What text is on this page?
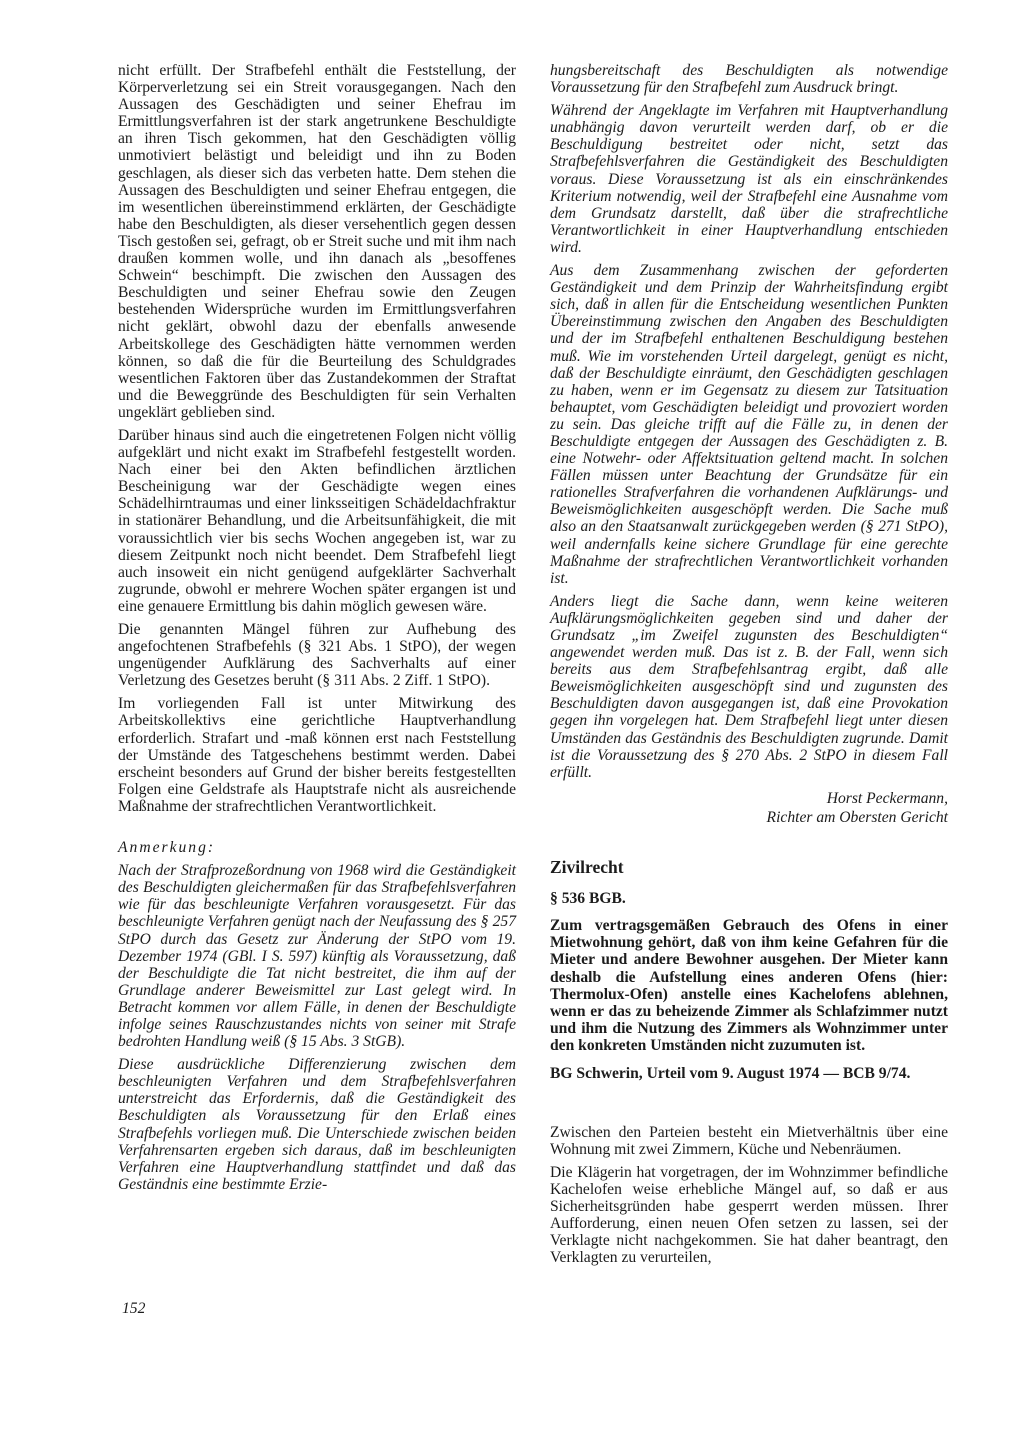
nicht erfüllt. Der Strafbefehl enthält die Feststellung, der Körperverletzung sei ein Streit vorausgegangen. Nach den Aussagen des Geschädigten und seiner Ehefrau im Ermittlungsverfahren ist der stark angetrunkene Beschuldigte an ihren Tisch gekommen, hat den Geschädigten völlig unmotiviert belästigt und beleidigt und ihn zu Boden geschlagen, als dieser sich das verbeten hatte. Dem stehen die Aussagen des Beschuldigten und seiner Ehefrau entgegen, die im wesentlichen übereinstimmend erklärten, der Geschädigte habe den Beschuldigten, als dieser versehentlich gegen dessen Tisch gestoßen sei, gefragt, ob er Streit suche und mit ihm nach draußen kommen wolle, und ihn danach als „besoffenes Schwein“ beschimpft. Die zwischen den Aussagen des Beschuldigten und seiner Ehefrau sowie den Zeugen bestehenden Widersprüche wurden im Ermittlungsverfahren nicht geklärt, obwohl dazu der ebenfalls anwesende Arbeitskollege des Geschädigten hätte vernommen werden können, so daß die für die Beurteilung des Schuldgrades wesentlichen Faktoren über das Zustandekommen der Straftat und die Beweggründe des Beschuldigten für sein Verhalten ungeklärt geblieben sind.

Darüber hinaus sind auch die eingetretenen Folgen nicht völlig aufgeklärt und nicht exakt im Strafbefehl festgestellt worden. Nach einer bei den Akten befindlichen ärztlichen Bescheinigung war der Geschädigte wegen eines Schädelhirntraumas und einer linksseitigen Schädeldachfraktur in stationärer Behandlung, und die Arbeitsunfähigkeit, die mit voraussichtlich vier bis sechs Wochen angegeben ist, war zu diesem Zeitpunkt noch nicht beendet. Dem Strafbefehl liegt auch insoweit ein nicht genügend aufgeklärter Sachverhalt zugrunde, obwohl er mehrere Wochen später ergangen ist und eine genauere Ermittlung bis dahin möglich gewesen wäre.

Die genannten Mängel führen zur Aufhebung des angefochtenen Strafbefehls (§ 321 Abs. 1 StPO), der wegen ungenügender Aufklärung des Sachverhalts auf einer Verletzung des Gesetzes beruht (§ 311 Abs. 2 Ziff. 1 StPO).

Im vorliegenden Fall ist unter Mitwirkung des Arbeitskollektivs eine gerichtliche Hauptverhandlung erforderlich. Strafart und -maß können erst nach Feststellung der Umstände des Tatgeschehens bestimmt werden. Dabei erscheint besonders auf Grund der bisher bereits festgestellten Folgen eine Geldstrafe als Hauptstrafe nicht als ausreichende Maßnahme der strafrechtlichen Verantwortlichkeit.

Anmerkung:

Nach der Strafprozeßordnung von 1968 wird die Geständigkeit des Beschuldigten gleichermaßen für das Strafbefehlsverfahren wie für das beschleunigte Verfahren vorausgesetzt. Für das beschleunigte Verfahren genügt nach der Neufassung des § 257 StPO durch das Gesetz zur Änderung der StPO vom 19. Dezember 1974 (GBl. I S. 597) künftig als Voraussetzung, daß der Beschuldigte die Tat nicht bestreitet, die ihm auf der Grundlage anderer Beweismittel zur Last gelegt wird. In Betracht kommen vor allem Fälle, in denen der Beschuldigte infolge seines Rauschzustandes nichts von seiner mit Strafe bedrohten Handlung weiß (§ 15 Abs. 3 StGB).

Diese ausdrückliche Differenzierung zwischen dem beschleunigten Verfahren und dem Strafbefehlsverfahren unterstreicht das Erfordernis, daß die Geständigkeit des Beschuldigten als Voraussetzung für den Erlaß eines Strafbefehls vorliegen muß. Die Unterschiede zwischen beiden Verfahrensarten ergeben sich daraus, daß im beschleunigten Verfahren eine Hauptverhandlung stattfindet und daß das Geständnis eine bestimmte Erzie-

hungsbereitschaft des Beschuldigten als notwendige Voraussetzung für den Strafbefehl zum Ausdruck bringt.

Während der Angeklagte im Verfahren mit Hauptverhandlung unabhängig davon verurteilt werden darf, ob er die Beschuldigung bestreitet oder nicht, setzt das Strafbefehlsverfahren die Geständigkeit des Beschuldigten voraus. Diese Voraussetzung ist als ein einschränkendes Kriterium notwendig, weil der Strafbefehl eine Ausnahme vom dem Grundsatz darstellt, daß über die strafrechtliche Verantwortlichkeit in einer Hauptverhandlung entschieden wird.

Aus dem Zusammenhang zwischen der geforderten Geständigkeit und dem Prinzip der Wahrheitsfindung ergibt sich, daß in allen für die Entscheidung wesentlichen Punkten Übereinstimmung zwischen den Angaben des Beschuldigten und der im Strafbefehl enthaltenen Beschuldigung bestehen muß. Wie im vorstehenden Urteil dargelegt, genügt es nicht, daß der Beschuldigte einräumt, den Geschädigten geschlagen zu haben, wenn er im Gegensatz zu diesem zur Tatsituation behauptet, vom Geschädigten beleidigt und provoziert worden zu sein. Das gleiche trifft auf die Fälle zu, in denen der Beschuldigte entgegen der Aussagen des Geschädigten z. B. eine Notwehr- oder Affektsituation geltend macht. In solchen Fällen müssen unter Beachtung der Grundsätze für ein rationelles Strafverfahren die vorhandenen Aufklärungs- und Beweismöglichkeiten ausgeschöpft werden. Die Sache muß also an den Staatsanwalt zurückgegeben werden (§ 271 StPO), weil andernfalls keine sichere Grundlage für eine gerechte Maßnahme der strafrechtlichen Verantwortlichkeit vorhanden ist.

Anders liegt die Sache dann, wenn keine weiteren Aufklärungsmöglichkeiten gegeben sind und daher der Grundsatz „im Zweifel zugunsten des Beschuldigten“ angewendet werden muß. Das ist z. B. der Fall, wenn sich bereits aus dem Strafbefehlsantrag ergibt, daß alle Beweismöglichkeiten ausgeschöpft sind und zugunsten des Beschuldigten davon ausgegangen ist, daß eine Provokation gegen ihn vorgelegen hat. Dem Strafbefehl liegt unter diesen Umständen das Geständnis des Beschuldigten zugrunde. Damit ist die Voraussetzung des § 270 Abs. 2 StPO in diesem Fall erfüllt.

Horst Peckermann,
Richter am Obersten Gericht
Zivilrecht
§ 536 BGB.

Zum vertragsgemäßen Gebrauch des Ofens in einer Mietwohnung gehört, daß von ihm keine Gefahren für die Mieter und andere Bewohner ausgehen. Der Mieter kann deshalb die Aufstellung eines anderen Ofens (hier: Thermolux-Ofen) anstelle eines Kachelofens ablehnen, wenn er das zu beheizende Zimmer als Schlafzimmer nutzt und ihm die Nutzung des Zimmers als Wohnzimmer unter den konkreten Umständen nicht zuzumuten ist.

BG Schwerin, Urteil vom 9. August 1974 — BCB 9/74.

Zwischen den Parteien besteht ein Mietverhältnis über eine Wohnung mit zwei Zimmern, Küche und Nebenräumen.

Die Klägerin hat vorgetragen, der im Wohnzimmer befindliche Kachelofen weise erhebliche Mängel auf, so daß er aus Sicherheitsgründen habe gesperrt werden müssen. Ihrer Aufforderung, einen neuen Ofen setzen zu lassen, sei der Verklagte nicht nachgekommen. Sie hat daher beantragt, den Verklagten zu verurteilen,

152
